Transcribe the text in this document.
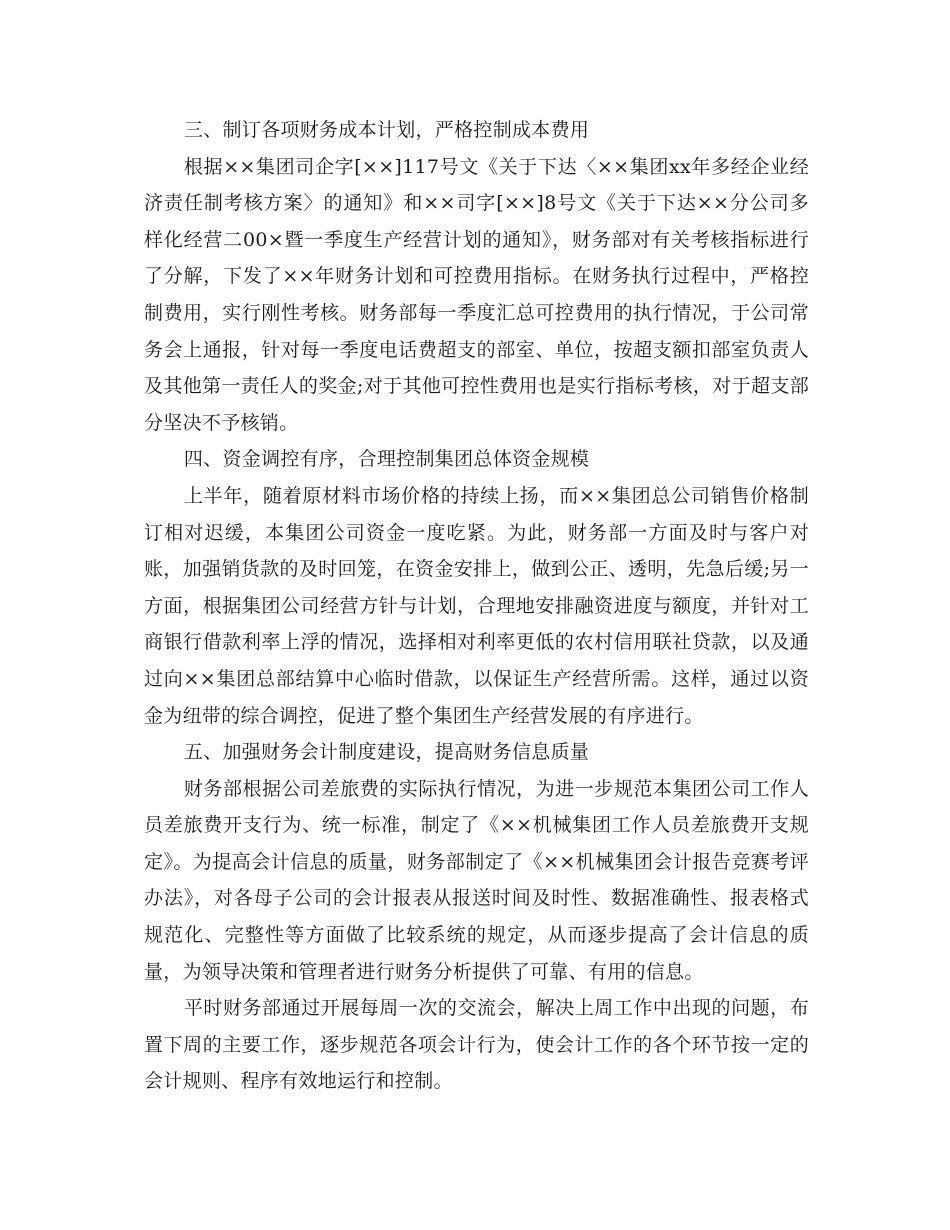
三、制订各项财务成本计划，严格控制成本费用

根据××集团司企字[××]117号文《关于下达〈××集团xx年多经企业经济责任制考核方案〉的通知》和××司字[××]8号文《关于下达××分公司多样化经营二00×暨一季度生产经营计划的通知》，财务部对有关考核指标进行了分解，下发了××年财务计划和可控费用指标。在财务执行过程中，严格控制费用，实行刚性考核。财务部每一季度汇总可控费用的执行情况，于公司常务会上通报，针对每一季度电话费超支的部室、单位，按超支额扣部室负责人及其他第一责任人的奖金;对于其他可控性费用也是实行指标考核，对于超支部分坚决不予核销。

四、资金调控有序，合理控制集团总体资金规模

上半年，随着原材料市场价格的持续上扬，而××集团总公司销售价格制订相对迟缓，本集团公司资金一度吃紧。为此，财务部一方面及时与客户对账，加强销货款的及时回笼，在资金安排上，做到公正、透明，先急后缓;另一方面，根据集团公司经营方针与计划，合理地安排融资进度与额度，并针对工商银行借款利率上浮的情况，选择相对利率更低的农村信用联社贷款，以及通过向××集团总部结算中心临时借款，以保证生产经营所需。这样，通过以资金为纽带的综合调控，促进了整个集团生产经营发展的有序进行。

五、加强财务会计制度建设，提高财务信息质量

财务部根据公司差旅费的实际执行情况，为进一步规范本集团公司工作人员差旅费开支行为、统一标准，制定了《××机械集团工作人员差旅费开支规定》。为提高会计信息的质量，财务部制定了《××机械集团会计报告竞赛考评办法》，对各母子公司的会计报表从报送时间及时性、数据准确性、报表格式规范化、完整性等方面做了比较系统的规定，从而逐步提高了会计信息的质量，为领导决策和管理者进行财务分析提供了可靠、有用的信息。

平时财务部通过开展每周一次的交流会，解决上周工作中出现的问题，布置下周的主要工作，逐步规范各项会计行为，使会计工作的各个环节按一定的会计规则、程序有效地运行和控制。
